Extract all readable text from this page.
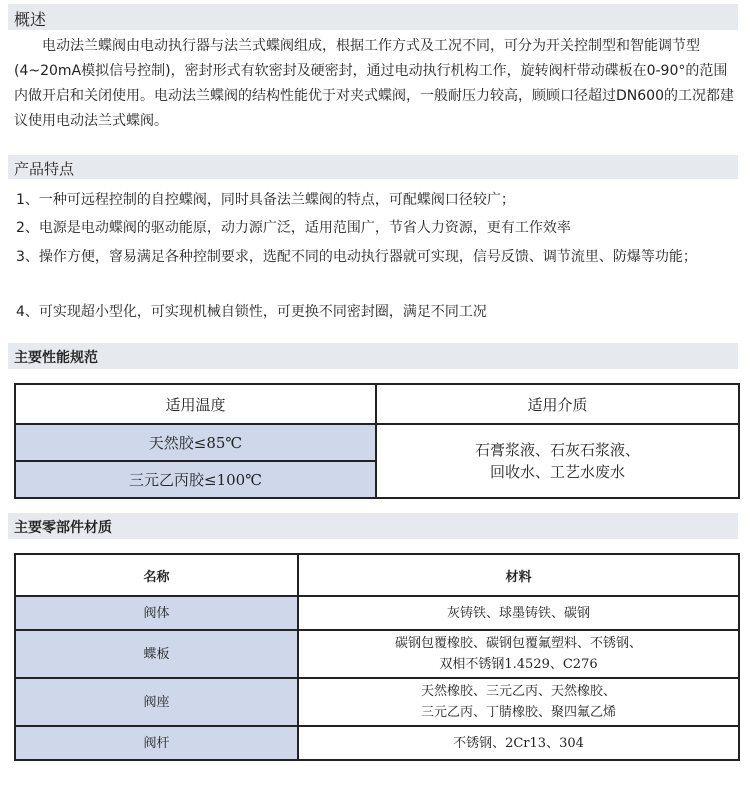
概述

电动法兰蝶阀由电动执行器与法兰式蝶阀组成，根据工作方式及工况不同，可分为开关控制型和智能调节型(4~20mA模拟信号控制)，密封形式有软密封及硬密封，通过电动执行机构工作，旋转阀杆带动碟板在0-90°的范围内做开启和关闭使用。电动法兰蝶阀的结构性能优于对夹式蝶阀，一般耐压力较高，顾顾口径超过DN600的工况都建议使用电动法兰式蝶阀。

产品特点

1、一种可远程控制的自控蝶阀，同时具备法兰蝶阀的特点，可配蝶阀口径较广；

2、电源是电动蝶阀的驱动能原，动力源广泛，适用范围广，节省人力资源，更有工作效率

3、操作方便，窨易满足各种控制要求，选配不同的电动执行器就可实现，信号反馈、调节流里、防爆等功能；

4、可实现超小型化，可实现机械自锁性，可更换不同密封圈，满足不同工况

主要性能规范
适用温度	适用介质
天然胶≤85℃	石膏浆液、石灰石浆液、
回收水、工艺水废水

三元乙丙胶≤100℃	
主要零部件材质
名称	材料
阀体	灰铸铁、球墨铸铁、碳钢

蝶板	碳钢包覆橡胶、碳钢包覆氟塑料、不锈钢、
双相不锈钢1.4529、C276

阀座	天然橡胶、三元乙丙、天然橡胶、
三元乙丙、丁腈橡胶、聚四氟乙烯

阀杆	不锈钢、2Cr13、304
